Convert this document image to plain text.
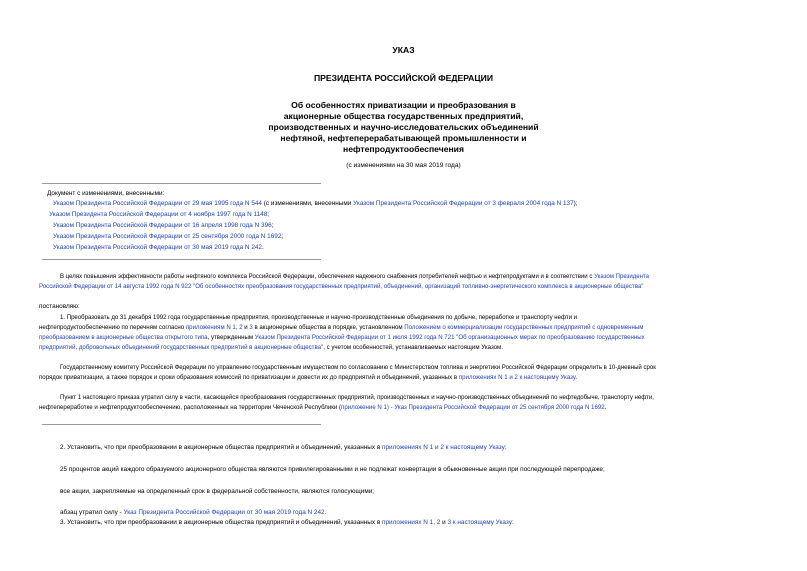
УКАЗ
ПРЕЗИДЕНТА РОССИЙСКОЙ ФЕДЕРАЦИИ
Об особенностях приватизации и преобразования в
акционерные общества государственных предприятий,
производственных и научно-исследовательских объединений
нефтяной, нефтеперерабатывающей промышленности и
нефтепродуктообеспечения
(с изменениями на 30 мая 2019 года)
Документ с изменениями, внесенными:
Указом Президента Российской Федерации от 29 мая 1995 года N 544 (с изменениями, внесенными Указом Президента Российской Федерации от 3 февраля 2004 года N 137);
Указом Президента Российской Федерации от 4 ноября 1997 года N 1148;
Указом Президента Российской Федерации от 16 апреля 1998 года N 396;
Указом Президента Российской Федерации от 25 сентября 2000 года N 1692;
Указом Президента Российской Федерации от 30 мая 2019 года N 242.
В целях повышения эффективности работы нефтяного комплекса Российской Федерации, обеспечения надежного снабжения потребителей нефтью и нефтепродуктами и в соответствии с Указом Президента
Российской Федерации от 14 августа 1992 года N 922 "Об особенностях преобразования государственных предприятий, объединений, организаций топливно-энергетического комплекса в акционерные общества"
постановляю:
1. Преобразовать до 31 декабря 1992 года государственные предприятия, производственные и научно-производственные объединения по добыче, переработке и транспорту нефти и
нефтепродуктообеспечению по перечням согласно приложениям N 1, 2 и 3 в акционерные общества в порядке, установленном Положением о коммерциализации государственных предприятий с одновременным
преобразованием в акционерные общества открытого типа, утвержденным Указом Президента Российской Федерации от 1 июля 1992 года N 721 "Об организационных мерах по преобразованию государственных
предприятий, добровольных объединений государственных предприятий в акционерные общества", с учетом особенностей, устанавливаемых настоящим Указом.
Государственному комитету Российской Федерации по управлению государственным имуществом по согласованию с Министерством топлива и энергетики Российской Федерации определить в 10-дневный срок
порядок приватизации, а также порядок и сроки образования комиссий по приватизации и довести их до предприятий и объединений, указанных в приложениях N 1 и 2 к настоящему Указу.
Пункт 1 настоящего приказа утратил силу в части, касающейся преобразования государственных предприятий, производственных и научно-производственных объединений по нефтедобыче, транспорту нефти,
нефтепереработке и нефтепродуктообеспечению, расположенных на территории Чеченской Республики (приложение N 1) - Указ Президента Российской Федерации от 25 сентября 2000 года N 1692.
2. Установить, что при преобразовании в акционерные общества предприятий и объединений, указанных в приложениях N 1 и 2 к настоящему Указу:
25 процентов акций каждого образуемого акционерного общества являются привилегированными и не подлежат конвертации в обыкновенные акции при последующей перепродаже;
все акции, закрепляемые на определенный срок в федеральной собственности, являются голосующими;
абзац утратил силу - Указ Президента Российской Федерации от 30 мая 2019 года N 242.
3. Установить, что при преобразовании в акционерные общества предприятий и объединений, указанных в приложениях N 1, 2 и 3 к настоящему Указу:
